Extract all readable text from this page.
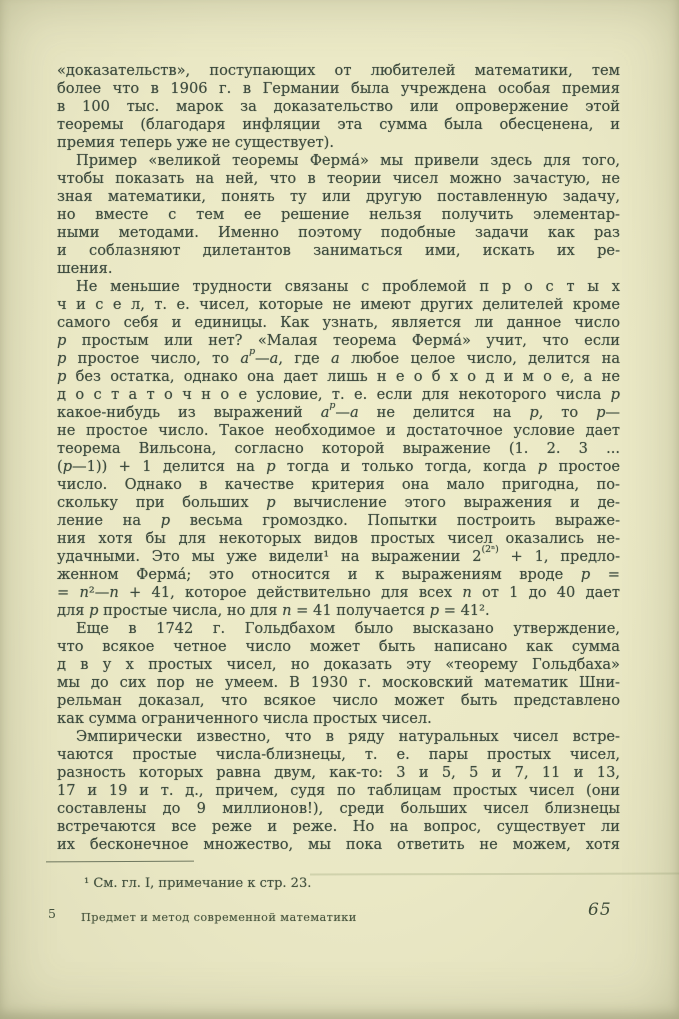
«доказательств», поступающих от любителей математики, тем
более что в 1906 г. в Германии была учреждена особая премия
в 100 тыс. марок за доказательство или опровержение этой
теоремы (благодаря инфляции эта сумма была обесценена, и
премия теперь уже не существует).
Пример «великой теоремы Ферма́» мы привели здесь для того,
чтобы показать на ней, что в теории чисел можно зачастую, не
зная математики, понять ту или другую поставленную задачу,
но вместе с тем ее решение нельзя получить элементар-
ными методами. Именно поэтому подобные задачи как раз
и соблазняют дилетантов заниматься ими, искать их ре-
шения.
Не меньшие трудности связаны с проблемой п р о с т ы х
ч и с е л, т. е. чисел, которые не имеют других делителей кроме
самого себя и единицы. Как узнать, является ли данное число
p простым или нет? «Малая теорема Ферма́» учит, что если
p простое число, то $a^p—a$, где a любое целое число, делится на
p без остатка, однако она дает лишь н е о б х о д и м о е, а не
д о с т а т о ч н о е условие, т. е. если для некоторого числа p
какое-нибудь из выражений $a^p—a$ не делится на p, то p—
не простое число. Такое необходимое и достаточное условие дает
теорема Вильсона, согласно которой выражение (1. 2. 3 ...
(p—1)) + 1 делится на p тогда и только тогда, когда p простое
число. Однако в качестве критерия она мало пригодна, по-
скольку при больших p вычисление этого выражения и де-
ление на p весьма громоздко. Попытки построить выраже-
ния хотя бы для некоторых видов простых чисел оказались не-
удачными. Это мы уже видели¹ на выражении $2^{(2^n)} + 1$, предло-
женном Ферма́; это относится и к выражениям вроде p =
= n²—n + 41, которое действительно для всех n от 1 до 40 дает
для p простые числа, но для n = 41 получается p = 41².
Еще в 1742 г. Гольдбахом было высказано утверждение,
что всякое четное число может быть написано как сумма
д в у х простых чисел, но доказать эту «теорему Гольдбаха»
мы до сих пор не умеем. В 1930 г. московский математик Шни-
рельман доказал, что всякое число может быть представлено
как сумма ограниченного числа простых чисел.
Эмпирически известно, что в ряду натуральных чисел встре-
чаются простые числа-близнецы, т. е. пары простых чисел,
разность которых равна двум, как-то: 3 и 5, 5 и 7, 11 и 13,
17 и 19 и т. д., причем, судя по таблицам простых чисел (они
составлены до 9 миллионов!), среди больших чисел близнецы
встречаются все реже и реже. Но на вопрос, существует ли
их бесконечное множество, мы пока ответить не можем, хотя
¹ См. гл. I, примечание к стр. 23.
5 Предмет и метод современной математики	65
